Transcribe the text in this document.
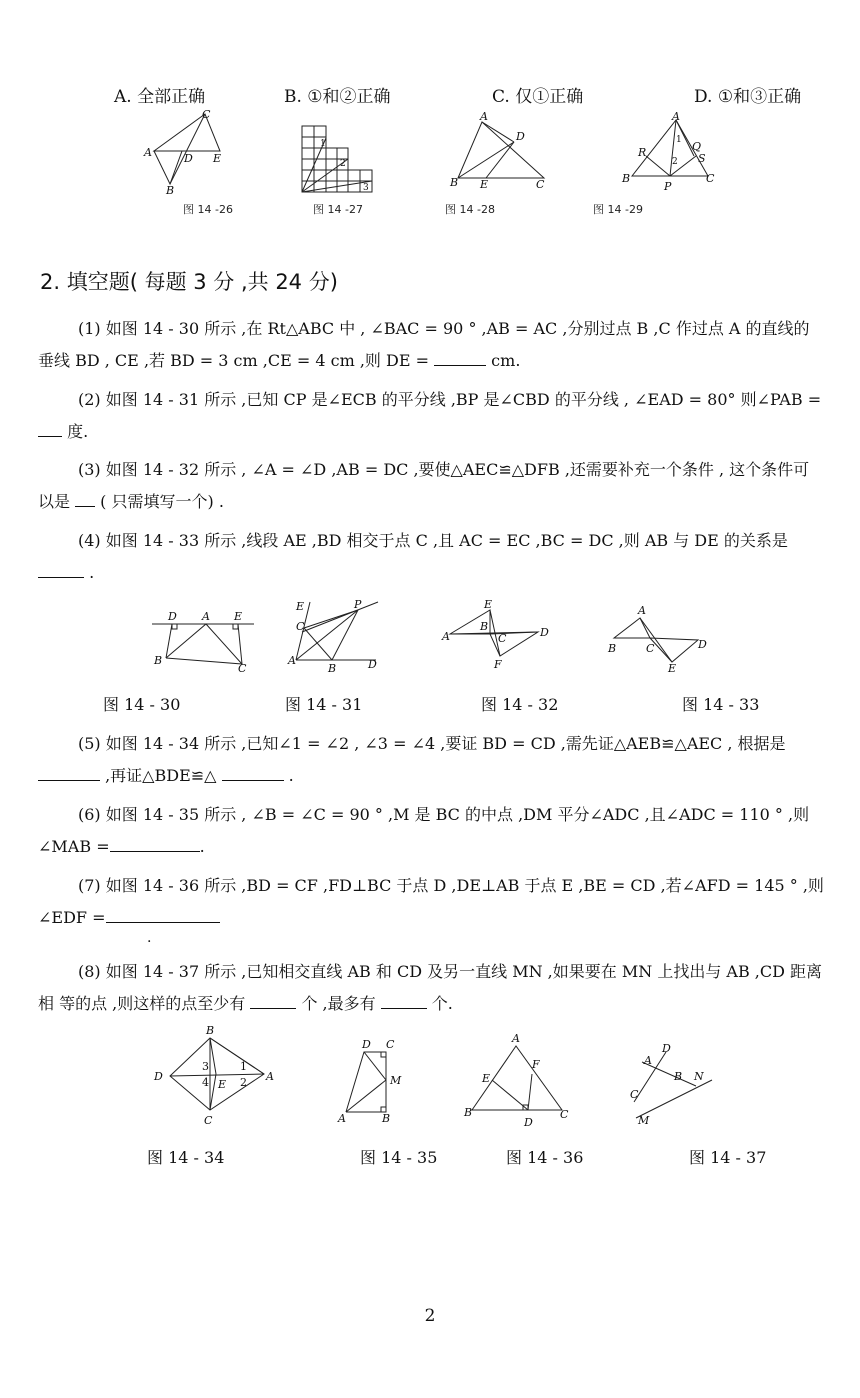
A. 全部正确	B. ①和②正确	C. 仅①正确	D. ①和③正确
C
A	D E
B
图 14 -26
1
2
3
图 14 -27
A
D
B E	C
图 14 -28
A
R	Q
S
B
P
C
1
2
图 14 -29
2. 填空题( 每题 3 分 ,共 24 分)
(1) 如图 14 - 30 所示 ,在 Rt△ABC 中 , ∠BAC = 90 ° ,AB = AC ,分别过点 B ,C 作过点 A 的直线的垂线 BD , CE ,若 BD = 3 cm ,CE = 4 cm ,则 DE =	cm.
(2) 如图 14 - 31 所示 ,已知 CP 是∠ECB 的平分线 ,BP 是∠CBD 的平分线 , ∠EAD = 80° 则∠PAB =  度.
(3) 如图 14 - 32 所示 , ∠A = ∠D ,AB = DC ,要使△AEC≌△DFB ,还需要补充一个条件 , 这个条件可以是  ( 只需填写一个) .
(4) 如图 14 - 33 所示 ,线段 AE ,BD 相交于点 C ,且 AC = EC ,BC = DC ,则 AB 与 DE 的关系是  .
D A E
B
C
图 14 - 30
E
C
P
A
B	D
图 14 - 31
E
A
B
C	D
F
图 14 - 32
A
B	C	D
E
图 14 - 33
(5) 如图 14 - 34 所示 ,已知∠1 = ∠2 , ∠3 = ∠4 ,要证 BD = CD ,需先证△AEB≌△AEC , 根据是  ,再证△BDE≌△	.
(6) 如图 14 - 35 所示 , ∠B = ∠C = 90 ° ,M 是 BC 的中点 ,DM 平分∠ADC ,且∠ADC = 110 ° ,则 ∠MAB =	.
(7) 如图 14 - 36 所示 ,BD = CF ,FD⊥BC 于点 D ,DE⊥AB 于点 E ,BE = CD ,若∠AFD = 145 ° ,则∠EDF =
.
(8) 如图 14 - 37 所示 ,已知相交直线 AB 和 CD 及另一直线 MN ,如果要在 MN 上找出与 AB ,CD 距离相 等的点 ,则这样的点至少有	个 ,最多有	个.
B
D	A
C
E
3
4
1
2
图 14 - 34
D C
M
A	B
图 14 - 35
A
F
E
B
D
C
图 14 - 36
A
D
B N
C
M
图 14 - 37
2
